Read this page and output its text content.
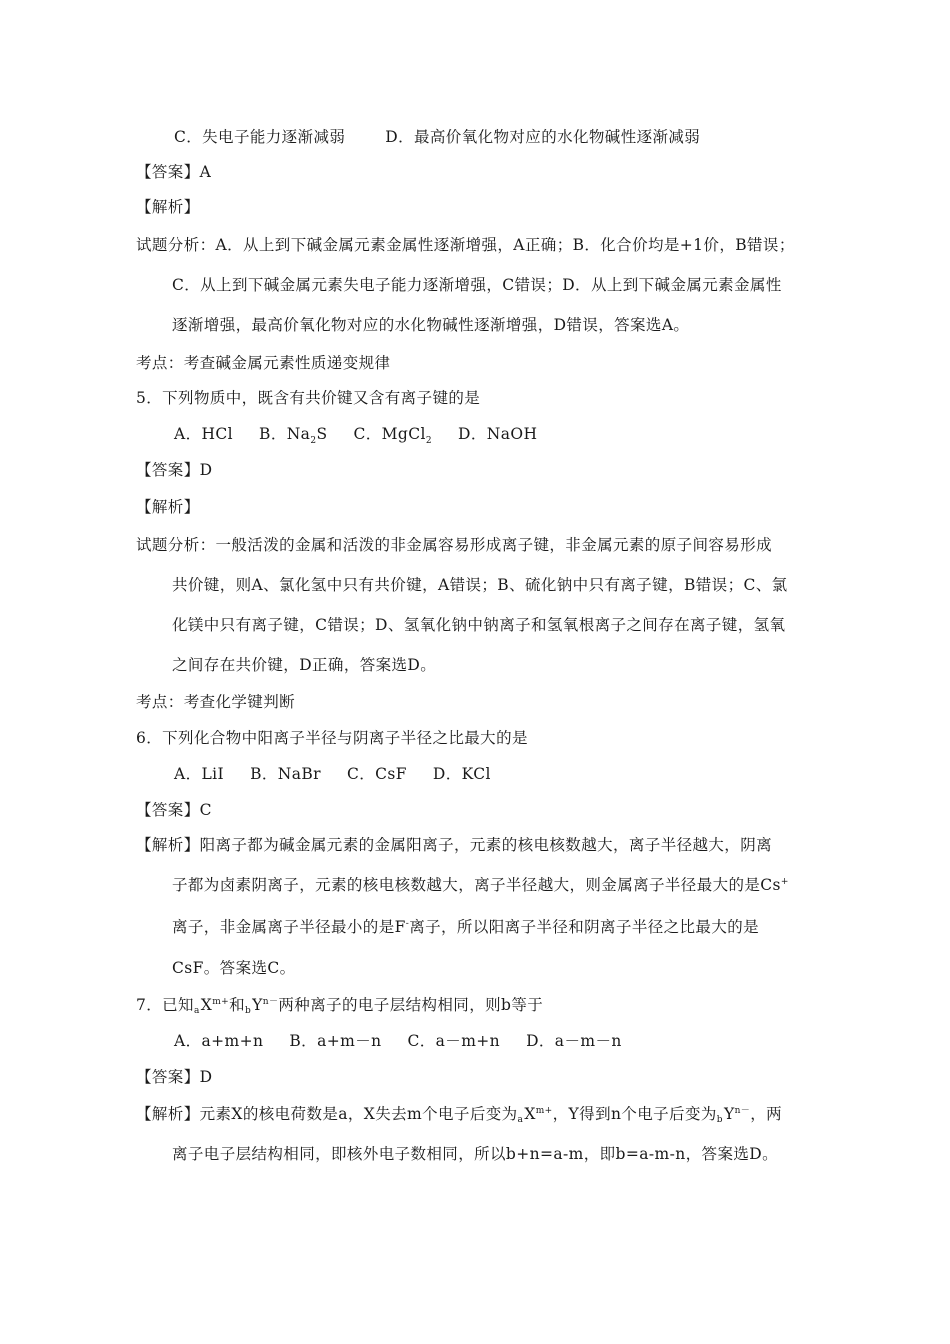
C．失电子能力逐渐减弱	D．最高价氧化物对应的水化物碱性逐渐减弱
【答案】A
【解析】
试题分析：A．从上到下碱金属元素金属性逐渐增强，A正确；B．化合价均是+1价，B错误；
C．从上到下碱金属元素失电子能力逐渐增强，C错误；D．从上到下碱金属元素金属性
逐渐增强，最高价氧化物对应的水化物碱性逐渐增强，D错误，答案选A。
考点：考查碱金属元素性质递变规律
5．下列物质中，既含有共价键又含有离子键的是
A．HCl B．$Na_2S$ C．MgCl$_2$ D．NaOH
【答案】D
【解析】
试题分析：一般活泼的金属和活泼的非金属容易形成离子键，非金属元素的原子间容易形成
共价键，则A、氯化氢中只有共价键，A错误；B、硫化钠中只有离子键，B错误；C、氯
化镁中只有离子键，C错误；D、氢氧化钠中钠离子和氢氧根离子之间存在离子键，氢氧
之间存在共价键，D正确，答案选D。
考点：考查化学键判断
6．下列化合物中阳离子半径与阴离子半径之比最大的是
A．LiI B．NaBr C．CsF D．KCl
【答案】C
【解析】阳离子都为碱金属元素的金属阳离子，元素的核电核数越大，离子半径越大，阴离
子都为卤素阴离子，元素的核电核数越大，离子半径越大，则金属离子半径最大的是Cs+
离子，非金属离子半径最小的是F-离子，所以阳离子半径和阴离子半径之比最大的是
CsF。答案选C。
7．已知$aX^{m+}$和$bY^{n-}$两种离子的电子层结构相同，则b等于
A．a+m+n B．a+m－n C．a－m+n D．a－m－n
【答案】D
【解析】元素X的核电荷数是a，X失去m个电子后变为$aX^{m+}$，Y得到n个电子后变为$bY^{n-}$，两
离子电子层结构相同，即核外电子数相同，所以b+n=a-m，即b=a-m-n，答案选D。
